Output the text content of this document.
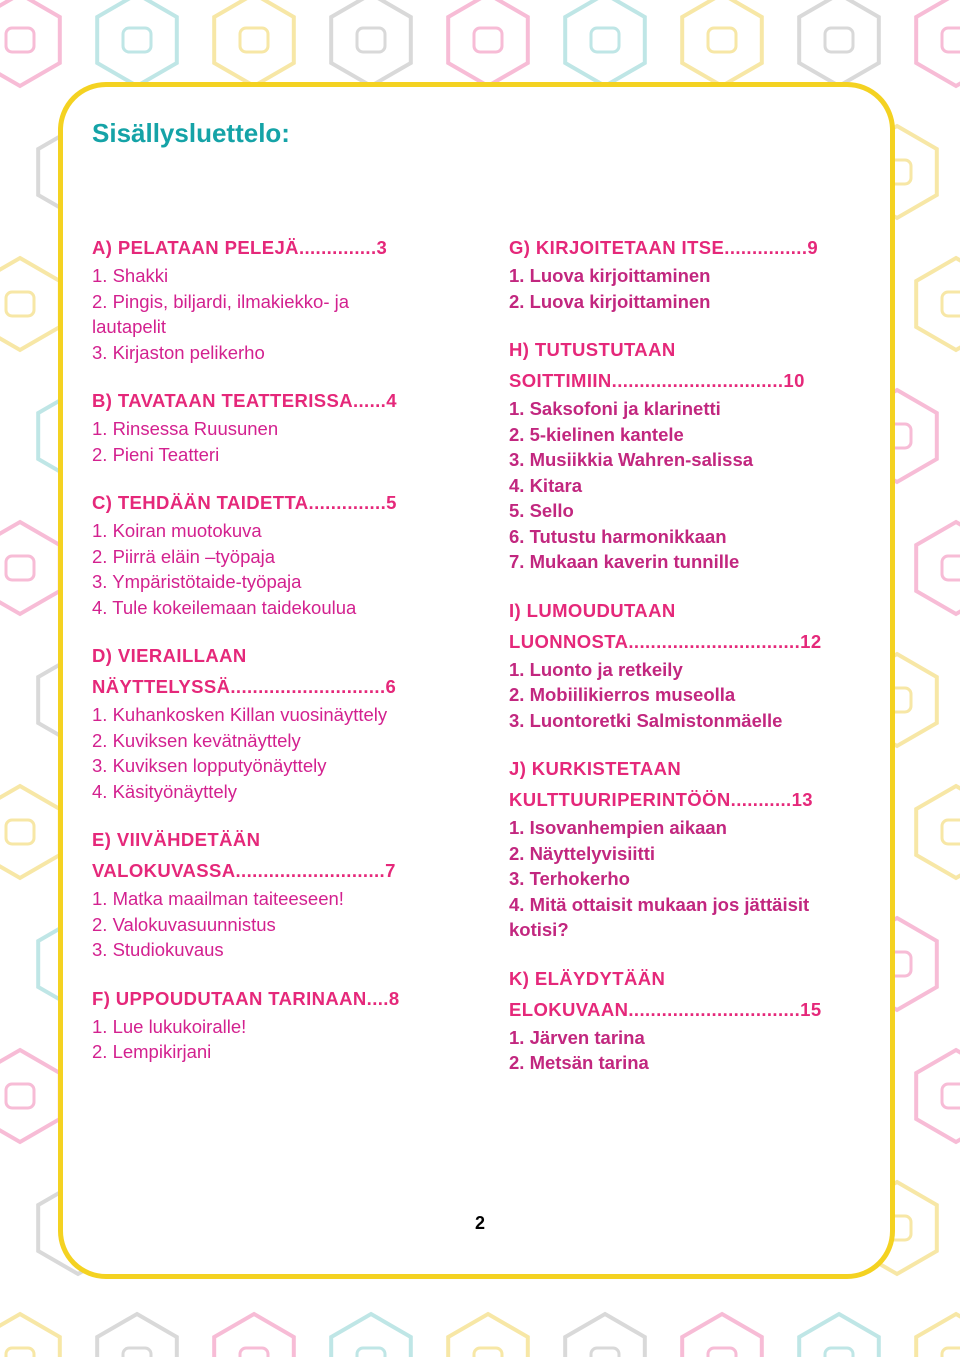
Sisällysluettelo:
A) PELATAAN PELEJÄ..............3
1. Shakki
2. Pingis, biljardi, ilmakiekko- ja
lautapelit
3. Kirjaston pelikerho
B) TAVATAAN TEATTERISSA......4
1. Rinsessa Ruusunen
2. Pieni Teatteri
C) TEHDÄÄN TAIDETTA..............5
1. Koiran muotokuva
2. Piirrä eläin –työpaja
3. Ympäristötaide-työpaja
4. Tule kokeilemaan taidekoulua
D) VIERAILLAAN
NÄYTTELYSSÄ............................6
1. Kuhankosken Killan vuosinäyttely
2. Kuviksen kevätnäyttely
3. Kuviksen lopputyönäyttely
4. Käsityönäyttely
E) VIIVÄHDETÄÄN
VALOKUVASSA...........................7
1. Matka maailman taiteeseen!
2. Valokuvasuunnistus
3. Studiokuvaus
F) UPPOUDUTAAN TARINAAN....8
1. Lue lukukoiralle!
2. Lempikirjani
G) KIRJOITETAAN ITSE...............9
1. Luova kirjoittaminen
2. Luova kirjoittaminen
H) TUTUSTUTAAN
SOITTIMIIN...............................10
1. Saksofoni ja klarinetti
2. 5-kielinen kantele
3. Musiikkia Wahren-salissa
4. Kitara
5. Sello
6. Tutustu harmonikkaan
7. Mukaan kaverin tunnille
I) LUMOUDUTAAN
LUONNOSTA...............................12
1. Luonto ja retkeily
2. Mobiilikierros museolla
3. Luontoretki Salmistonmäelle
J) KURKISTETAAN
KULTTUURIPERINTÖÖN...........13
1. Isovanhempien aikaan
2. Näyttelyvisiitti
3. Terhokerho
4. Mitä ottaisit mukaan jos jättäisit
kotisi?
K) ELÄYDYTÄÄN
ELOKUVAAN...............................15
1. Järven tarina
2. Metsän tarina
2
